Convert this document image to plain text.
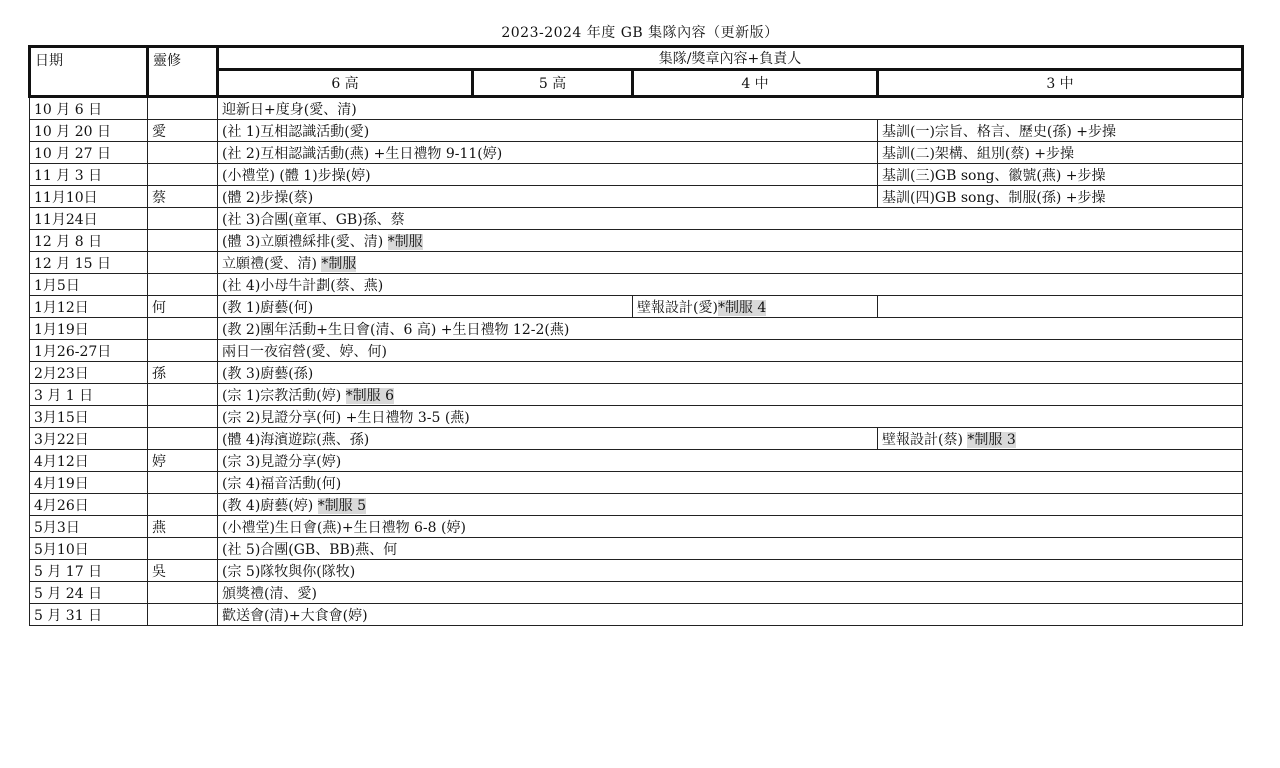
2023-2024 年度 GB 集隊內容（更新版）
日期	靈修	集隊/獎章內容+負責人			
		6 高	5 高	4 中	3 中
10 月 6 日		迎新日+度身(愛、清)			
10 月 20 日	愛	(社 1)互相認識活動(愛)			基訓(一)宗旨、格言、歷史(孫) +步操
10 月 27 日		(社 2)互相認識活動(燕) +生日禮物 9-11(婷)			基訓(二)架構、組別(蔡) +步操
11 月 3 日		(小禮堂) (體 1)步操(婷)			基訓(三)GB song、徽號(燕) +步操
11月10日	蔡	(體 2)步操(蔡)			基訓(四)GB song、制服(孫) +步操
11月24日		(社 3)合團(童軍、GB)孫、蔡			
12 月 8 日		(體 3)立願禮綵排(愛、清) *制服			
12 月 15 日		立願禮(愛、清) *制服			
1月5日		(社 4)小母牛計劃(蔡、燕)			
1月12日	何	(教 1)廚藝(何)		壁報設計(愛)*制服 4	
1月19日		(教 2)團年活動+生日會(清、6 高) +生日禮物 12-2(燕)			
1月26-27日		兩日一夜宿營(愛、婷、何)			
2月23日	孫	(教 3)廚藝(孫)			
3 月 1 日		(宗 1)宗教活動(婷) *制服 6			
3月15日		(宗 2)見證分享(何) +生日禮物 3-5 (燕)			
3月22日		(體 4)海濱遊踪(燕、孫)			壁報設計(蔡) *制服 3
4月12日	婷	(宗 3)見證分享(婷)			
4月19日		(宗 4)福音活動(何)			
4月26日		(教 4)廚藝(婷) *制服 5			
5月3日	燕	(小禮堂)生日會(燕)+生日禮物 6-8 (婷)			
5月10日		(社 5)合團(GB、BB)燕、何			
5 月 17 日	吳	(宗 5)隊牧與你(隊牧)			
5 月 24 日		頒獎禮(清、愛)			
5 月 31 日		歡送會(清)+大食會(婷)			
